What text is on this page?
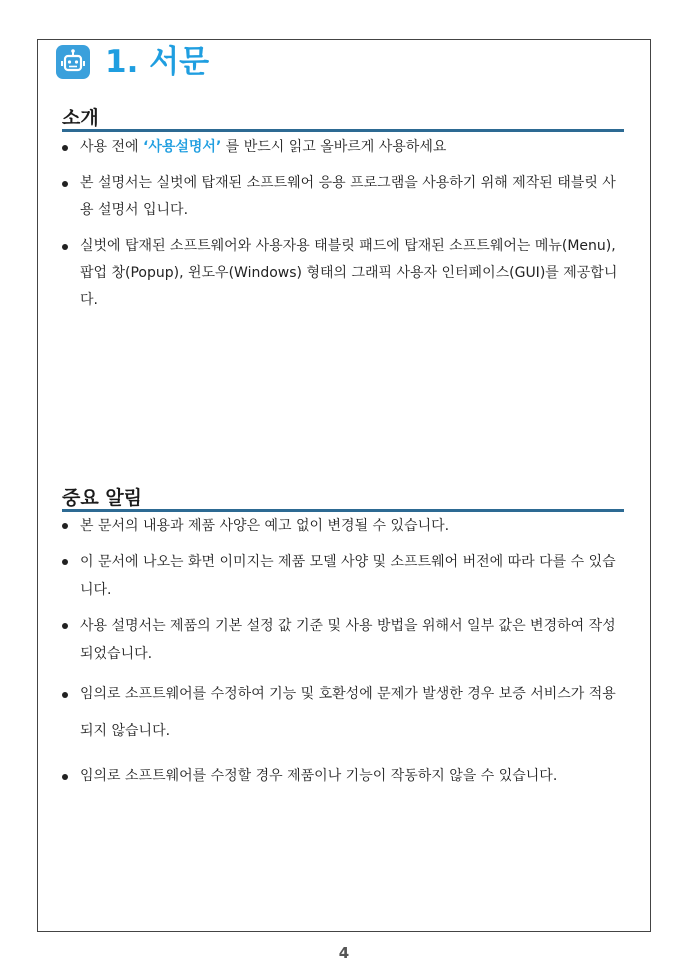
1. 서문
소개
사용 전에 ‘사용설명서’ 를 반드시 읽고 올바르게 사용하세요
본 설명서는 실벗에 탑재된 소프트웨어 응용 프로그램을 사용하기 위해 제작된 태블릿 사용 설명서 입니다.
실벗에 탑재된 소프트웨어와 사용자용 태블릿 패드에 탑재된 소프트웨어는 메뉴(Menu), 팝업 창(Popup), 윈도우(Windows) 형태의 그래픽 사용자 인터페이스(GUI)를 제공합니다.
중요 알림
본 문서의 내용과 제품 사양은 예고 없이 변경될 수 있습니다.
이 문서에 나오는 화면 이미지는 제품 모델 사양 및 소프트웨어 버전에 따라 다를 수 있습니다.
사용 설명서는 제품의 기본 설정 값 기준 및 사용 방법을 위해서 일부 값은 변경하여 작성되었습니다.
임의로 소프트웨어를 수정하여 기능 및 호환성에 문제가 발생한 경우 보증 서비스가 적용되지 않습니다.
임의로 소프트웨어를 수정할 경우 제품이나 기능이 작동하지 않을 수 있습니다.
4
